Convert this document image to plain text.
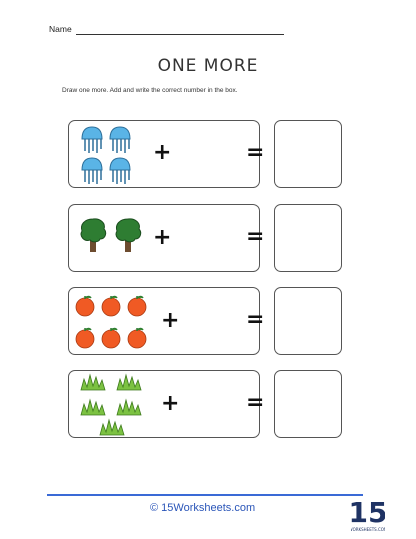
Name
ONE MORE
Draw one more. Add and write the correct number in the box.
+	=
+	=
+	=
+	=
© 15Worksheets.com	15
ORKSHEETS.CO
